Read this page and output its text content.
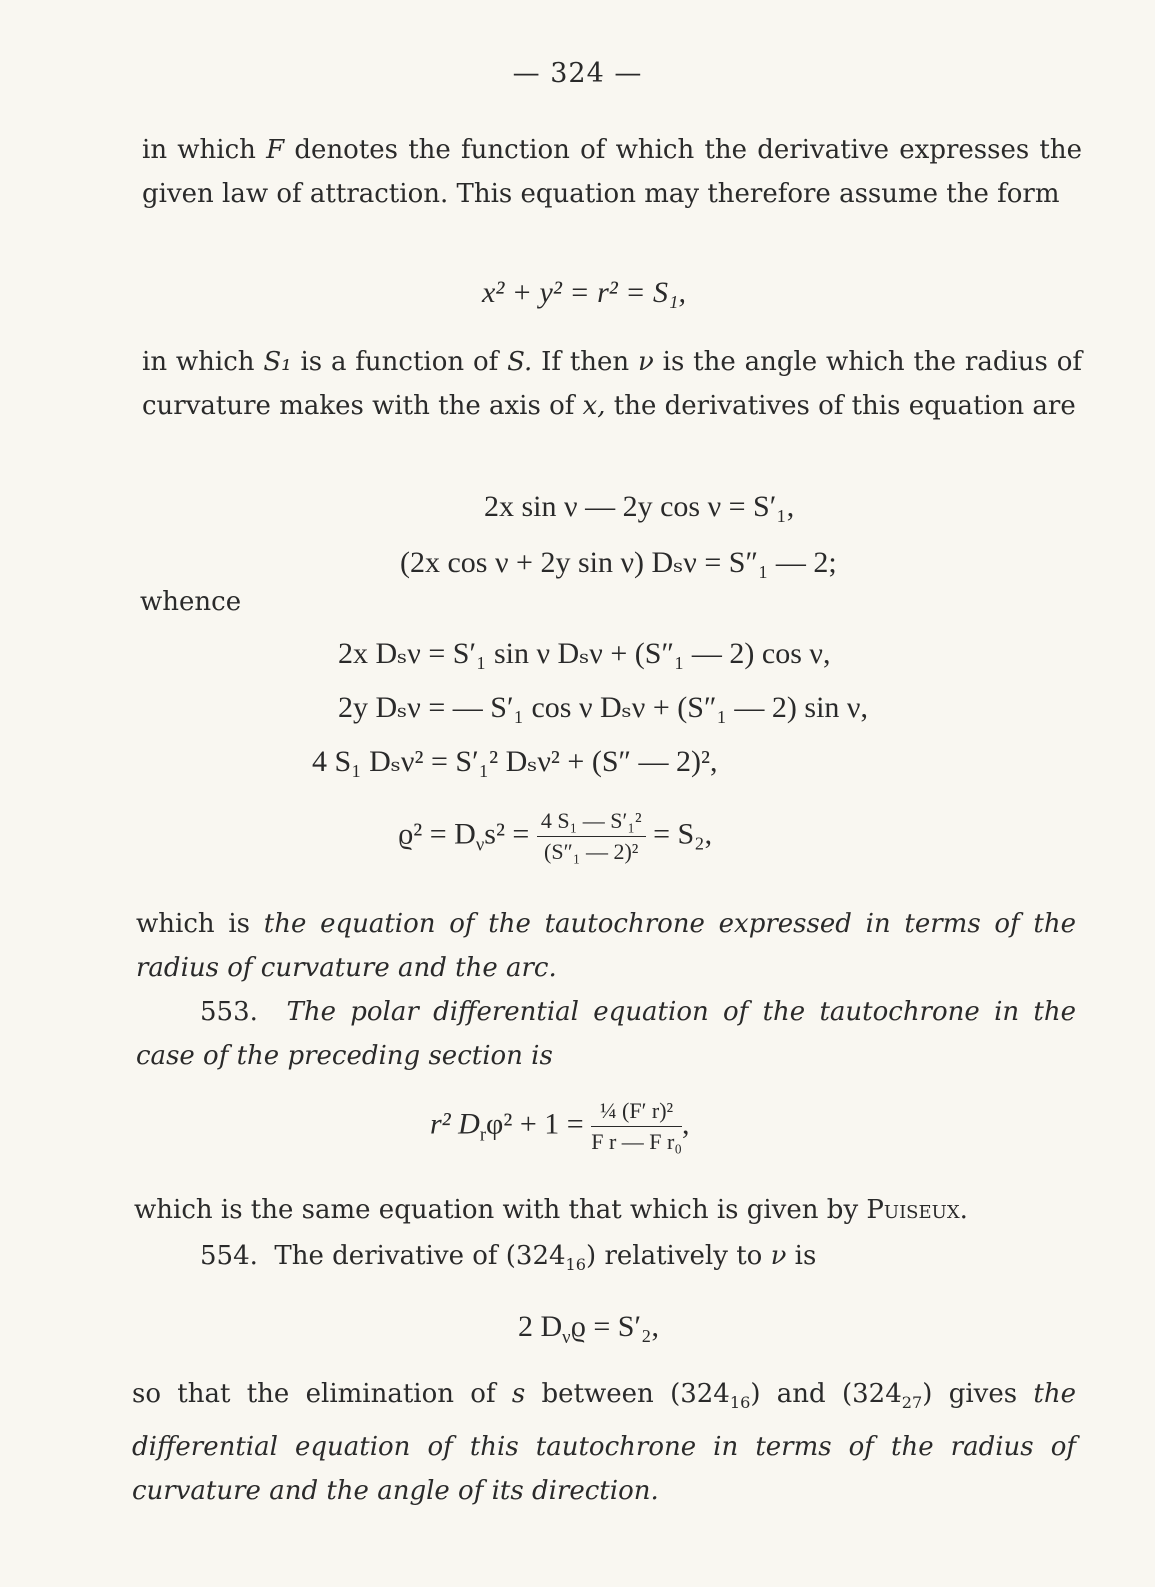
— 324 —
in which F denotes the function of which the derivative expresses the given law of attraction. This equation may therefore assume the form
x² + y² = r² = S₁,
in which S₁ is a function of S. If then ν is the angle which the radius of curvature makes with the axis of x, the derivatives of this equation are
2x sin ν — 2y cos ν = S′₁,
(2x cos ν + 2y sin ν) Dₛν = S″₁ — 2;
whence
2x Dₛν = S′₁ sin ν Dₛν + (S″₁ — 2) cos ν,
2y Dₛν = — S′₁ cos ν Dₛν + (S″₁ — 2) sin ν,
4 S₁ Dₛν² = S′₁² Dₛν² + (S″ — 2)²,
$ϱ^2 = D_\nu s^2 = \frac{\text{4 S₁ — S′₁²}}{\text{(S″₁ — 2)²}} = S_2$,
which is the equation of the tautochrone expressed in terms of the radius of curvature and the arc.
553. The polar differential equation of the tautochrone in the case of the preceding section is
r² $D_r\varphi^2 + 1 = \frac{\text{¼ (F′ r)²}}{\text{F r — F r₀}}$ ,
which is the same equation with that which is given by Puiseux.
554. The derivative of $(324_{16})$ relatively to ν is
2 $D_\nu ϱ = S'_2$,
so that the elimination of s between $(324_{16})$ and $(324_{27})$ gives the differential equation of this tautochrone in terms of the radius of curvature and the angle of its direction.
